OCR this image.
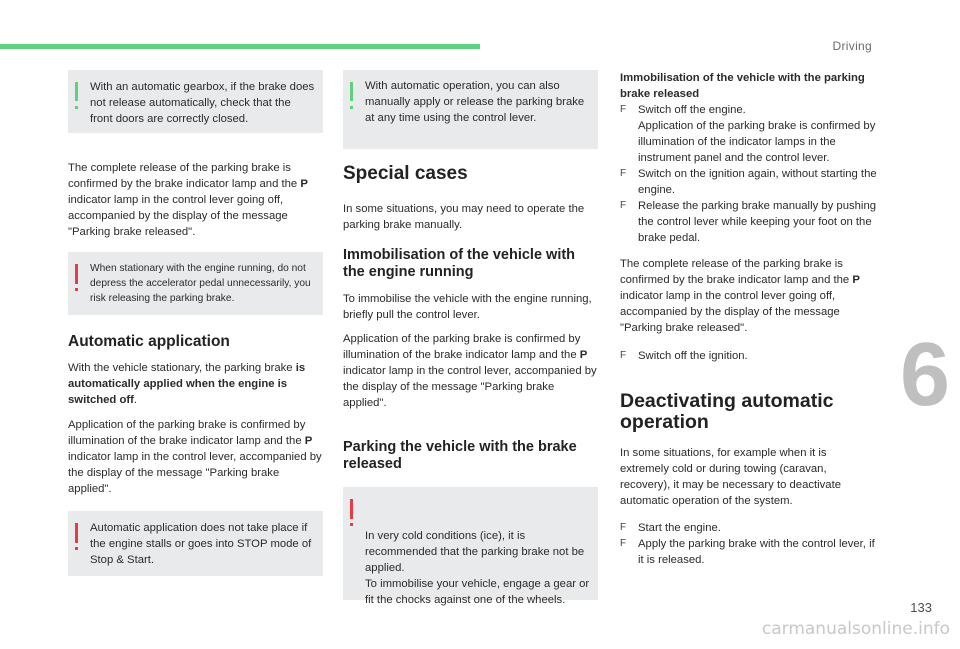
Driving
6
133
carmanualsonline.info
With an automatic gearbox, if the brake does not release automatically, check that the front doors are correctly closed.

The complete release of the parking brake is confirmed by the brake indicator lamp and the P indicator lamp in the control lever going off, accompanied by the display of the message "Parking brake released".

When stationary with the engine running, do not depress the accelerator pedal unnecessarily, you risk releasing the parking brake.
Automatic application

With the vehicle stationary, the parking brake is automatically applied when the engine is switched off.

Application of the parking brake is confirmed by illumination of the brake indicator lamp and the P indicator lamp in the control lever, accompanied by the display of the message "Parking brake applied".

Automatic application does not take place if the engine stalls or goes into STOP mode of Stop & Start.
With automatic operation, you can also manually apply or release the parking brake at any time using the control lever.
Special cases

In some situations, you may need to operate the parking brake manually.

Immobilisation of the vehicle with the engine running

To immobilise the vehicle with the engine running, briefly pull the control lever.

Application of the parking brake is confirmed by illumination of the brake indicator lamp and the P indicator lamp in the control lever, accompanied by the display of the message "Parking brake applied".

Parking the vehicle with the brake released

In very cold conditions (ice), it is recommended that the parking brake not be applied.
To immobilise your vehicle, engage a gear or fit the chocks against one of the wheels.

Immobilisation of the vehicle with the parking brake released
F Switch off the engine.
Application of the parking brake is confirmed by illumination of the indicator lamps in the instrument panel and the control lever.
F Switch on the ignition again, without starting the engine.
F Release the parking brake manually by pushing the control lever while keeping your foot on the brake pedal.

The complete release of the parking brake is confirmed by the brake indicator lamp and the P indicator lamp in the control lever going off, accompanied by the display of the message "Parking brake released".

F Switch off the ignition.
Deactivating automatic operation

In some situations, for example when it is extremely cold or during towing (caravan, recovery), it may be necessary to deactivate automatic operation of the system.

F Start the engine.
F Apply the parking brake with the control lever, if it is released.
